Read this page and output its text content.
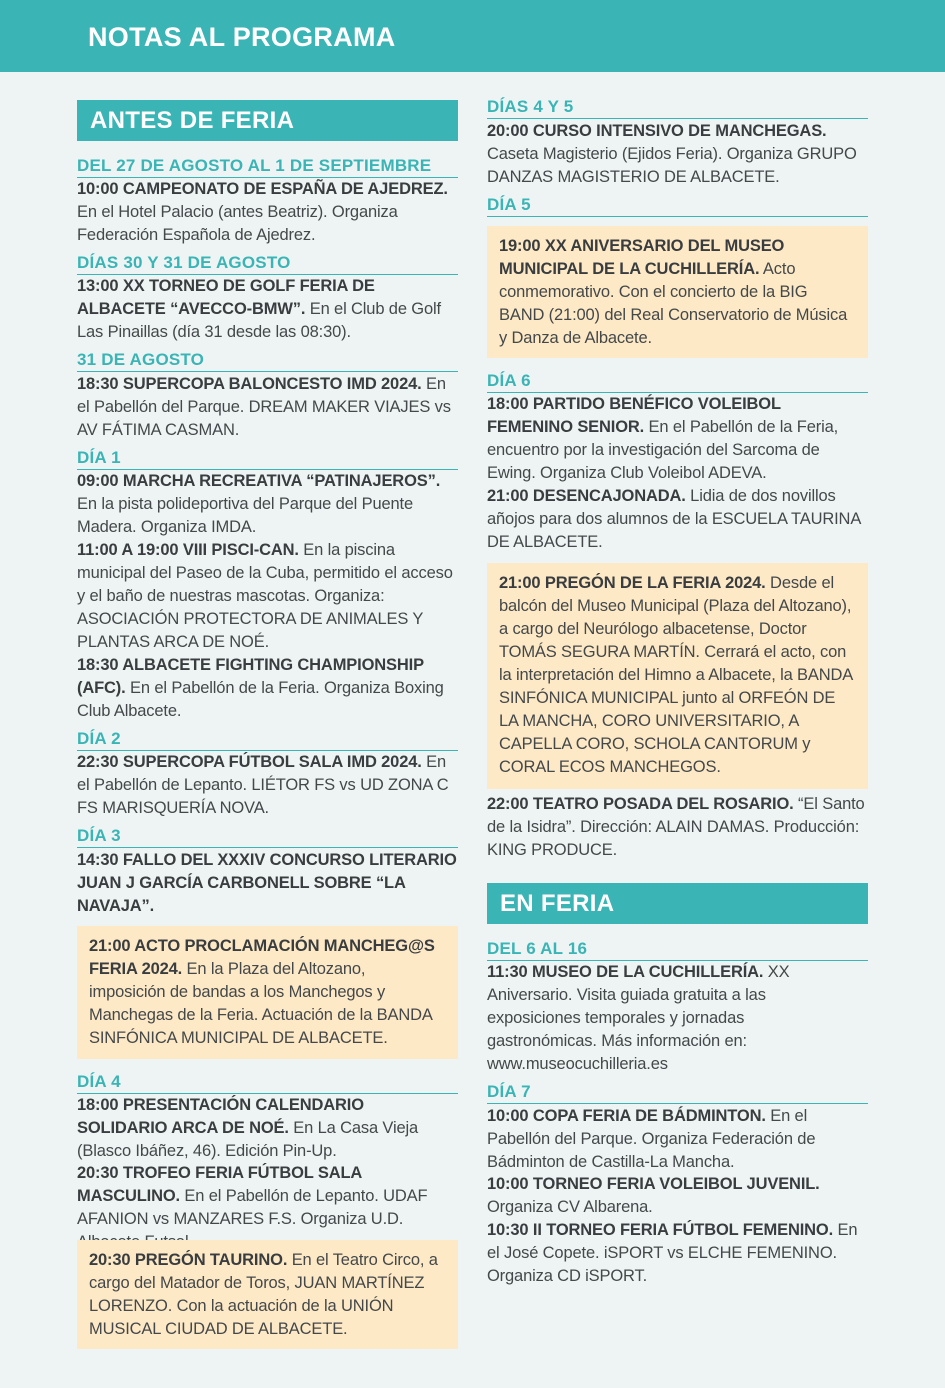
NOTAS AL PROGRAMA
ANTES DE FERIA
DEL 27 DE AGOSTO AL 1 DE SEPTIEMBRE

10:00 CAMPEONATO DE ESPAÑA DE AJEDREZ. En el Hotel Palacio (antes Beatriz). Organiza Federación Española de Ajedrez.

DÍAS 30 Y 31 DE AGOSTO

13:00 XX TORNEO DE GOLF FERIA DE ALBACETE “AVECCO-BMW”. En el Club de Golf Las Pinaillas (día 31 desde las 08:30).

31 DE AGOSTO

18:30 SUPERCOPA BALONCESTO IMD 2024. En el Pabellón del Parque. DREAM MAKER VIAJES vs AV FÁTIMA CASMAN.

DÍA 1

09:00 MARCHA RECREATIVA “PATINAJEROS”. En la pista polideportiva del Parque del Puente Madera. Organiza IMDA.

11:00 A 19:00 VIII PISCI-CAN. En la piscina municipal del Paseo de la Cuba, permitido el acceso y el baño de nuestras mascotas. Organiza: ASOCIACIÓN PROTECTORA DE ANIMALES Y PLANTAS ARCA DE NOÉ.

18:30 ALBACETE FIGHTING CHAMPIONSHIP (AFC). En el Pabellón de la Feria. Organiza Boxing Club Albacete.

DÍA 2

22:30 SUPERCOPA FÚTBOL SALA IMD 2024. En el Pabellón de Lepanto. LIÉTOR FS vs UD ZONA C FS MARISQUERÍA NOVA.

DÍA 3

14:30 FALLO DEL XXXIV CONCURSO LITERARIO JUAN J GARCÍA CARBONELL SOBRE “LA NAVAJA”.

21:00 ACTO PROCLAMACIÓN MANCHEG@S FERIA 2024. En la Plaza del Altozano, imposición de bandas a los Manchegos y Manchegas de la Feria. Actuación de la BANDA SINFÓNICA MUNICIPAL DE ALBACETE.

DÍA 4

18:00 PRESENTACIÓN CALENDARIO SOLIDARIO ARCA DE NOÉ. En La Casa Vieja (Blasco Ibáñez, 46). Edición Pin-Up.

20:30 TROFEO FERIA FÚTBOL SALA MASCULINO. En el Pabellón de Lepanto. UDAF AFANION vs MANZARES F.S. Organiza U.D.

20:30 PREGÓN TAURINO. En el Teatro Circo, a cargo del Matador de Toros, JUAN MARTÍNEZ LORENZO. Con la actuación de la UNIÓN MUSICAL CIUDAD DE ALBACETE.

DÍAS 4 Y 5

20:00 CURSO INTENSIVO DE MANCHEGAS. Caseta Magisterio (Ejidos Feria). Organiza GRUPO DANZAS MAGISTERIO DE ALBACETE.

DÍA 5

19:00 XX ANIVERSARIO DEL MUSEO MUNICIPAL DE LA CUCHILLERÍA. Acto conmemorativo. Con el concierto de la BIG BAND (21:00) del Real Conservatorio de Música y Danza de Albacete.

DÍA 6

18:00 PARTIDO BENÉFICO VOLEIBOL FEMENINO SENIOR. En el Pabellón de la Feria, encuentro por la investigación del Sarcoma de Ewing. Organiza Club Voleibol ADEVA.

21:00 DESENCAJONADA. Lidia de dos novillos añojos para dos alumnos de la ESCUELA TAURINA DE ALBACETE.

21:00 PREGÓN DE LA FERIA 2024. Desde el balcón del Museo Municipal (Plaza del Altozano), a cargo del Neurólogo albacetense, Doctor TOMÁS SEGURA MARTÍN. Cerrará el acto, con la interpretación del Himno a Albacete, la BANDA SINFÓNICA MUNICIPAL junto al ORFEÓN DE LA MANCHA, CORO UNIVERSITARIO, A CAPELLA CORO, SCHOLA CANTORUM y CORAL ECOS MANCHEGOS.

22:00 TEATRO POSADA DEL ROSARIO. “El Santo de la Isidra”. Dirección: ALAIN DAMAS. Producción: KING PRODUCE.

EN FERIA
DEL 6 AL 16

11:30 MUSEO DE LA CUCHILLERÍA. XX Aniversario. Visita guiada gratuita a las exposiciones temporales y jornadas gastronómicas. Más información en: www.museocuchilleria.es

DÍA 7

10:00 COPA FERIA DE BÁDMINTON. En el Pabellón del Parque. Organiza Federación de Bádminton de Castilla-La Mancha.

10:00 TORNEO FERIA VOLEIBOL JUVENIL. Organiza CV Albarena.

10:30 II TORNEO FERIA FÚTBOL FEMENINO. En el José Copete. iSPORT vs ELCHE FEMENINO. Organiza CD iSPORT.
